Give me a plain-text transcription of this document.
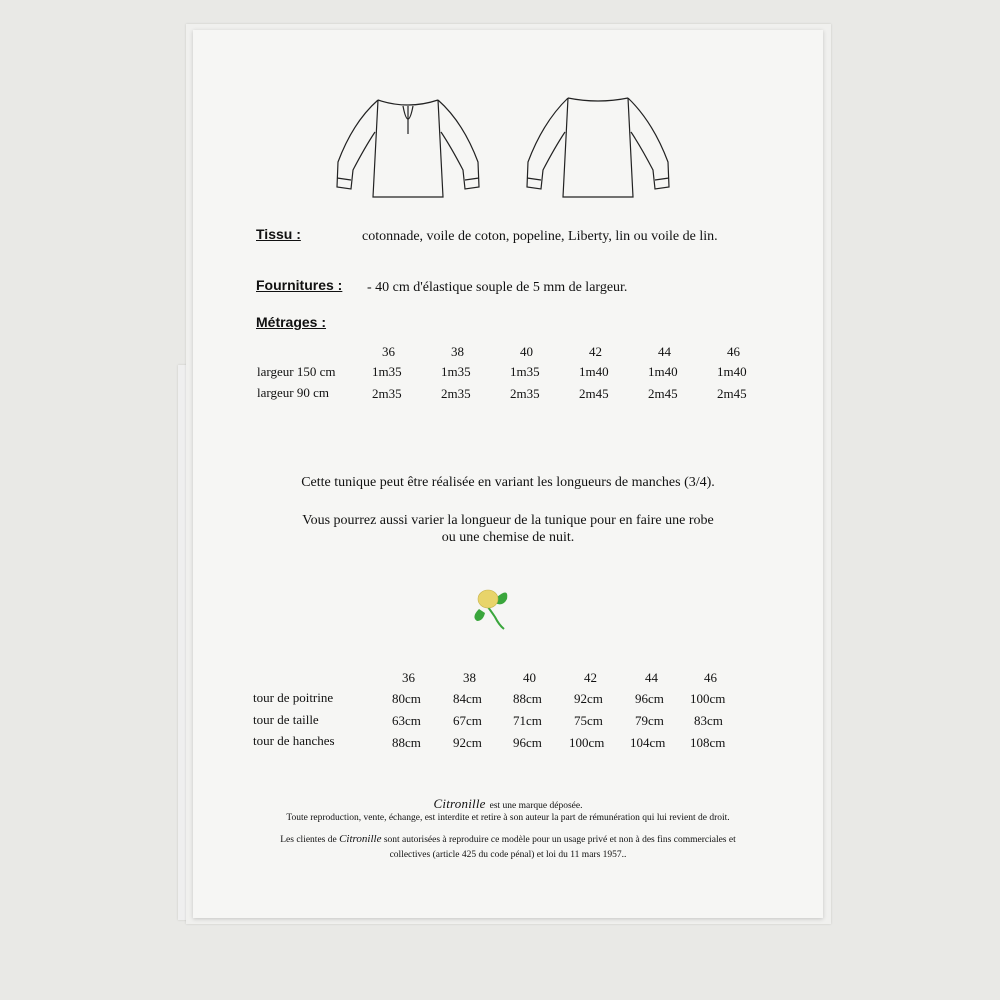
Tissu :	cotonnade, voile de coton, popeline, Liberty, lin ou voile de lin.
Fournitures : - 40 cm d'élastique souple de 5 mm de largeur.
Métrages :
36	38	40	42	44	46
largeur 150 cm	1m35	1m35	1m35	1m40	1m40	1m40
largeur 90 cm	2m35	2m35	2m35	2m45	2m45	2m45
Cette tunique peut être réalisée en variant les longueurs de manches (3/4).
Vous pourrez aussi varier la longueur de la tunique pour en faire une robe
ou une chemise de nuit.
36	38	40	42	44	46
tour de poitrine	80cm 84cm 88cm 92cm 96cm 100cm
tour de taille	63cm 67cm 71cm 75cm 79cm 83cm
tour de hanches	88cm 92cm 96cm 100cm 104cm 108cm
Citronille est une marque déposée.
Toute reproduction, vente, échange, est interdite et retire à son auteur la part de rémunération qui lui revient de droit.
Les clientes de Citronille sont autorisées à reproduire ce modèle pour un usage privé et non à des fins commerciales et
collectives (article 425 du code pénal) et loi du 11 mars 1957..
